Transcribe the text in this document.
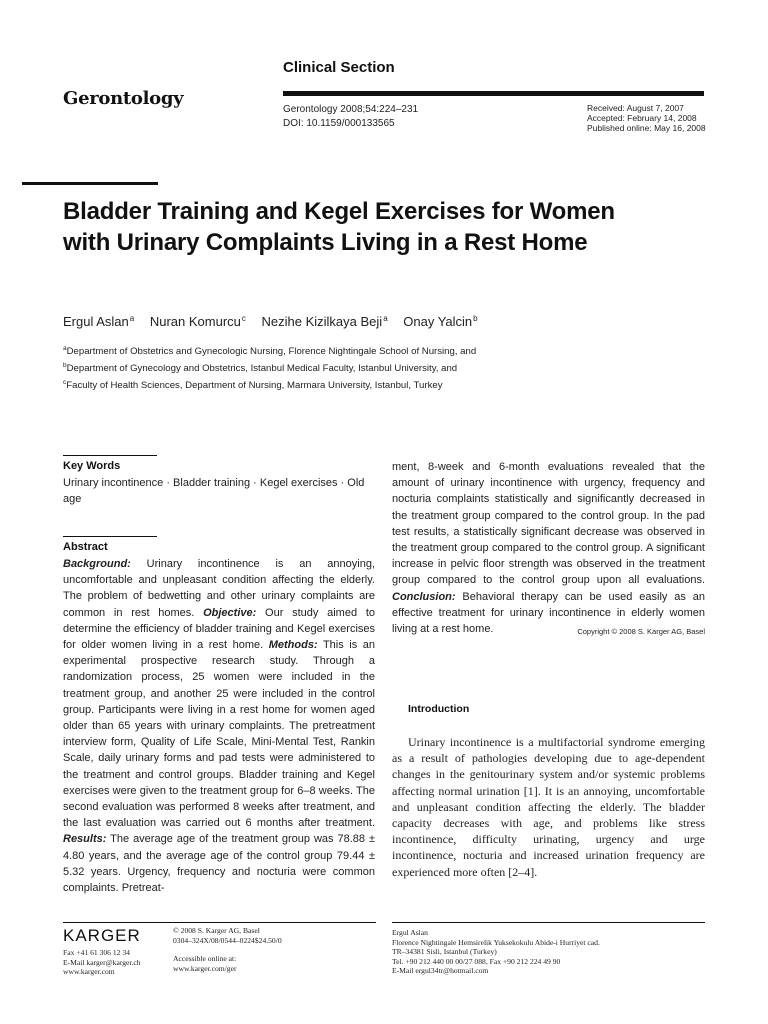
Gerontology
Clinical Section
Gerontology 2008;54:224–231
DOI: 10.1159/000133565
Received: August 7, 2007
Accepted: February 14, 2008
Published online: May 16, 2008
Bladder Training and Kegel Exercises for Women with Urinary Complaints Living in a Rest Home
Ergul Aslan$^a$ Nuran Komurcu$^c$ Nezihe Kizilkaya Beji$^a$ Onay Yalcin$^b$
$^a$Department of Obstetrics and Gynecologic Nursing, Florence Nightingale School of Nursing, and
$^b$Department of Gynecology and Obstetrics, Istanbul Medical Faculty, Istanbul University, and
$^c$Faculty of Health Sciences, Department of Nursing, Marmara University, Istanbul, Turkey
Key Words
Urinary incontinence · Bladder training · Kegel exercises · Old age
Abstract
Background: Urinary incontinence is an annoying, uncomfortable and unpleasant condition affecting the elderly. The problem of bedwetting and other urinary complaints are common in rest homes. Objective: Our study aimed to determine the efficiency of bladder training and Kegel exercises for older women living in a rest home. Methods: This is an experimental prospective research study. Through a randomization process, 25 women were included in the treatment group, and another 25 were included in the control group. Participants were living in a rest home for women aged older than 65 years with urinary complaints. The pretreatment interview form, Quality of Life Scale, Mini-Mental Test, Rankin Scale, daily urinary forms and pad tests were administered to the treatment and control groups. Bladder training and Kegel exercises were given to the treatment group for 6–8 weeks. The second evaluation was performed 8 weeks after treatment, and the last evaluation was carried out 6 months after treatment. Results: The average age of the treatment group was 78.88 ± 4.80 years, and the average age of the control group 79.44 ± 5.32 years. Urgency, frequency and nocturia were common complaints. Pretreat-
ment, 8-week and 6-month evaluations revealed that the amount of urinary incontinence with urgency, frequency and nocturia complaints statistically and significantly decreased in the treatment group compared to the control group. In the pad test results, a statistically significant decrease was observed in the treatment group compared to the control group. A significant increase in pelvic floor strength was observed in the treatment group compared to the control group upon all evaluations. Conclusion: Behavioral therapy can be used easily as an effective treatment for urinary incontinence in elderly women living at a rest home.	Copyright © 2008 S. Karger AG, Basel
Introduction
Urinary incontinence is a multifactorial syndrome emerging as a result of pathologies developing due to age-dependent changes in the genitourinary system and/or systemic problems affecting normal urination [1]. It is an annoying, uncomfortable and unpleasant condition affecting the elderly. The bladder capacity decreases with age, and problems like stress incontinence, difficulty urinating, urgency and urge incontinence, nocturia and increased urination frequency are experienced more often [2–4].
KARGER
Fax +41 61 306 12 34
E-Mail karger@karger.ch
www.karger.com
© 2008 S. Karger AG, Basel
0304–324X/08/0544–0224$24.50/0
Accessible online at:
www.karger.com/ger
Ergul Aslan
Florence Nightingale Hemsirelik Yuksekokulu Abide-i Hurriyet cad.
TR–34381 Sisli, Istanbul (Turkey)
Tel. +90 212 440 00 00/27 088, Fax +90 212 224 49 90
E-Mail ergul34tr@hotmail.com
